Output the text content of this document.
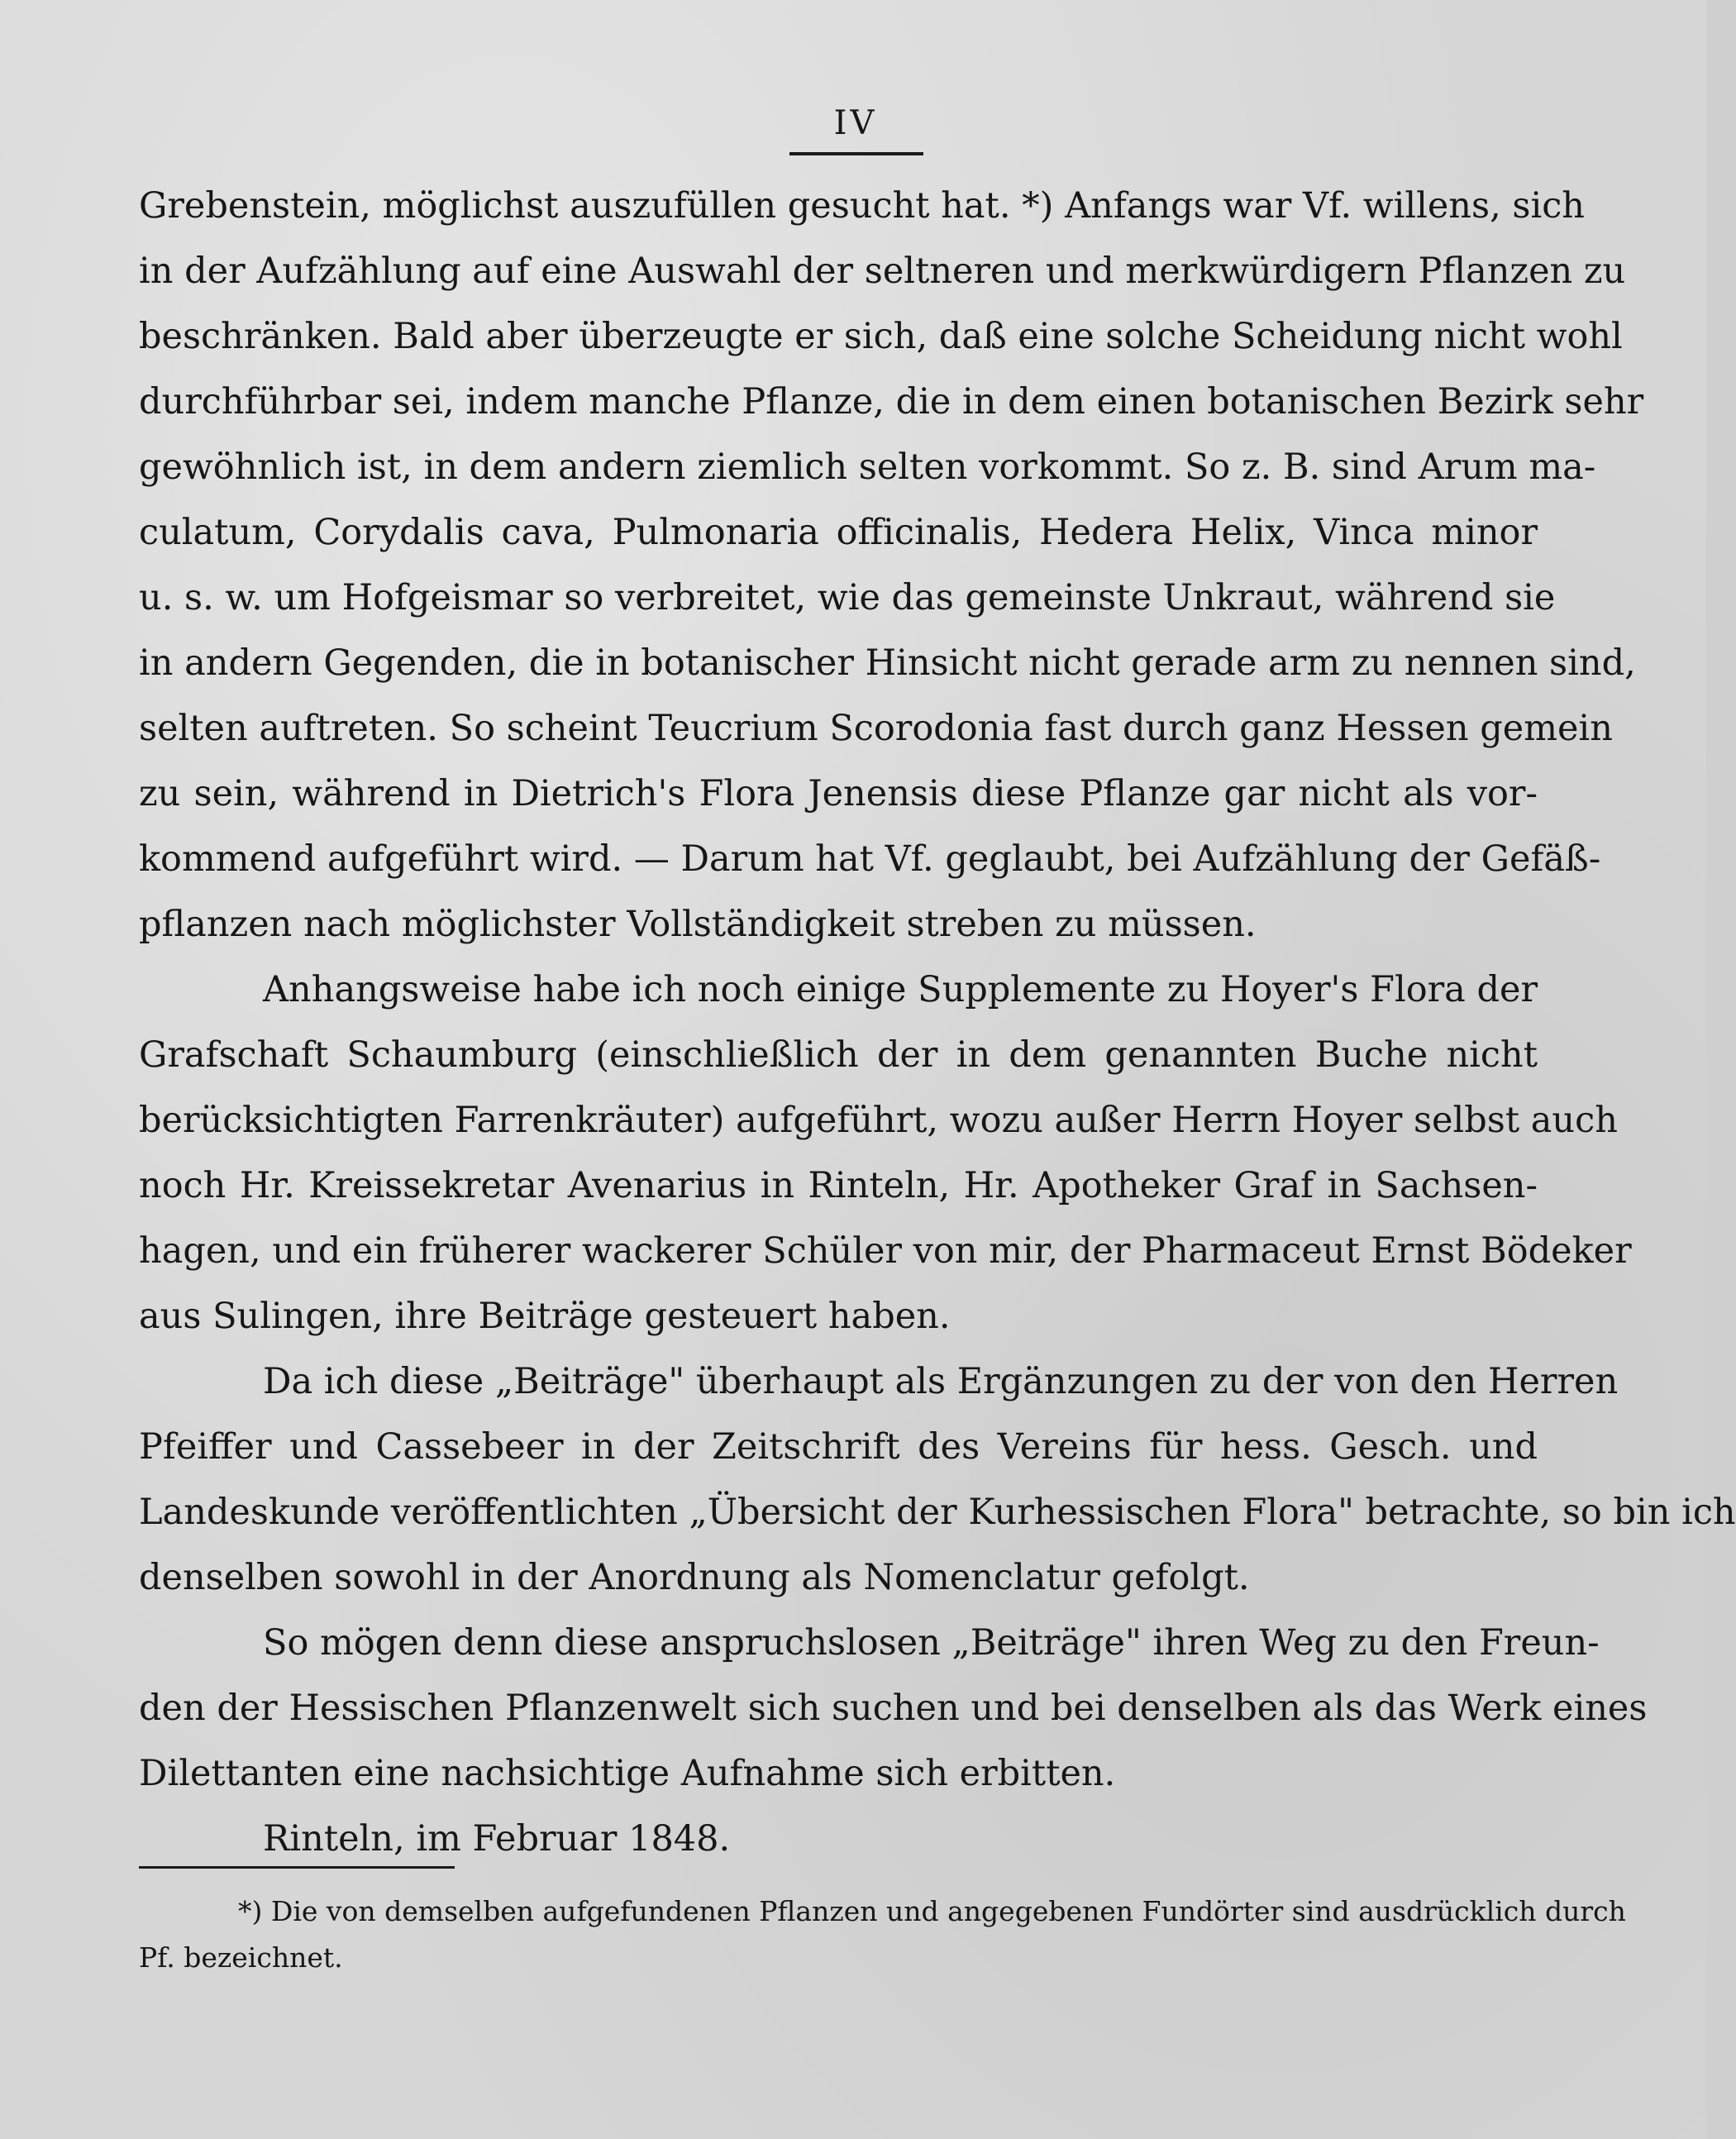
IV
Grebenstein, möglichst auszufüllen gesucht hat. *) Anfangs war Vf. willens, sich
in der Aufzählung auf eine Auswahl der seltneren und merkwürdigern Pflanzen zu
beschränken. Bald aber überzeugte er sich, daß eine solche Scheidung nicht wohl
durchführbar sei, indem manche Pflanze, die in dem einen botanischen Bezirk sehr
gewöhnlich ist, in dem andern ziemlich selten vorkommt. So z. B. sind Arum ma-
culatum, Corydalis cava, Pulmonaria officinalis, Hedera Helix, Vinca minor
u. s. w. um Hofgeismar so verbreitet, wie das gemeinste Unkraut, während sie
in andern Gegenden, die in botanischer Hinsicht nicht gerade arm zu nennen sind,
selten auftreten. So scheint Teucrium Scorodonia fast durch ganz Hessen gemein
zu sein, während in Dietrich's Flora Jenensis diese Pflanze gar nicht als vor-
kommend aufgeführt wird. — Darum hat Vf. geglaubt, bei Aufzählung der Gefäß-
pflanzen nach möglichster Vollständigkeit streben zu müssen.
Anhangsweise habe ich noch einige Supplemente zu Hoyer's Flora der
Grafschaft Schaumburg (einschließlich der in dem genannten Buche nicht
berücksichtigten Farrenkräuter) aufgeführt, wozu außer Herrn Hoyer selbst auch
noch Hr. Kreissekretar Avenarius in Rinteln, Hr. Apotheker Graf in Sachsen-
hagen, und ein früherer wackerer Schüler von mir, der Pharmaceut Ernst Bödeker
aus Sulingen, ihre Beiträge gesteuert haben.
Da ich diese „Beiträge" überhaupt als Ergänzungen zu der von den Herren
Pfeiffer und Cassebeer in der Zeitschrift des Vereins für hess. Gesch. und
Landeskunde veröffentlichten „Übersicht der Kurhessischen Flora" betrachte, so bin ich
denselben sowohl in der Anordnung als Nomenclatur gefolgt.
So mögen denn diese anspruchslosen „Beiträge" ihren Weg zu den Freun-
den der Hessischen Pflanzenwelt sich suchen und bei denselben als das Werk eines
Dilettanten eine nachsichtige Aufnahme sich erbitten.
Rinteln, im Februar 1848.
*) Die von demselben aufgefundenen Pflanzen und angegebenen Fundörter sind ausdrücklich durch
Pf. bezeichnet.
